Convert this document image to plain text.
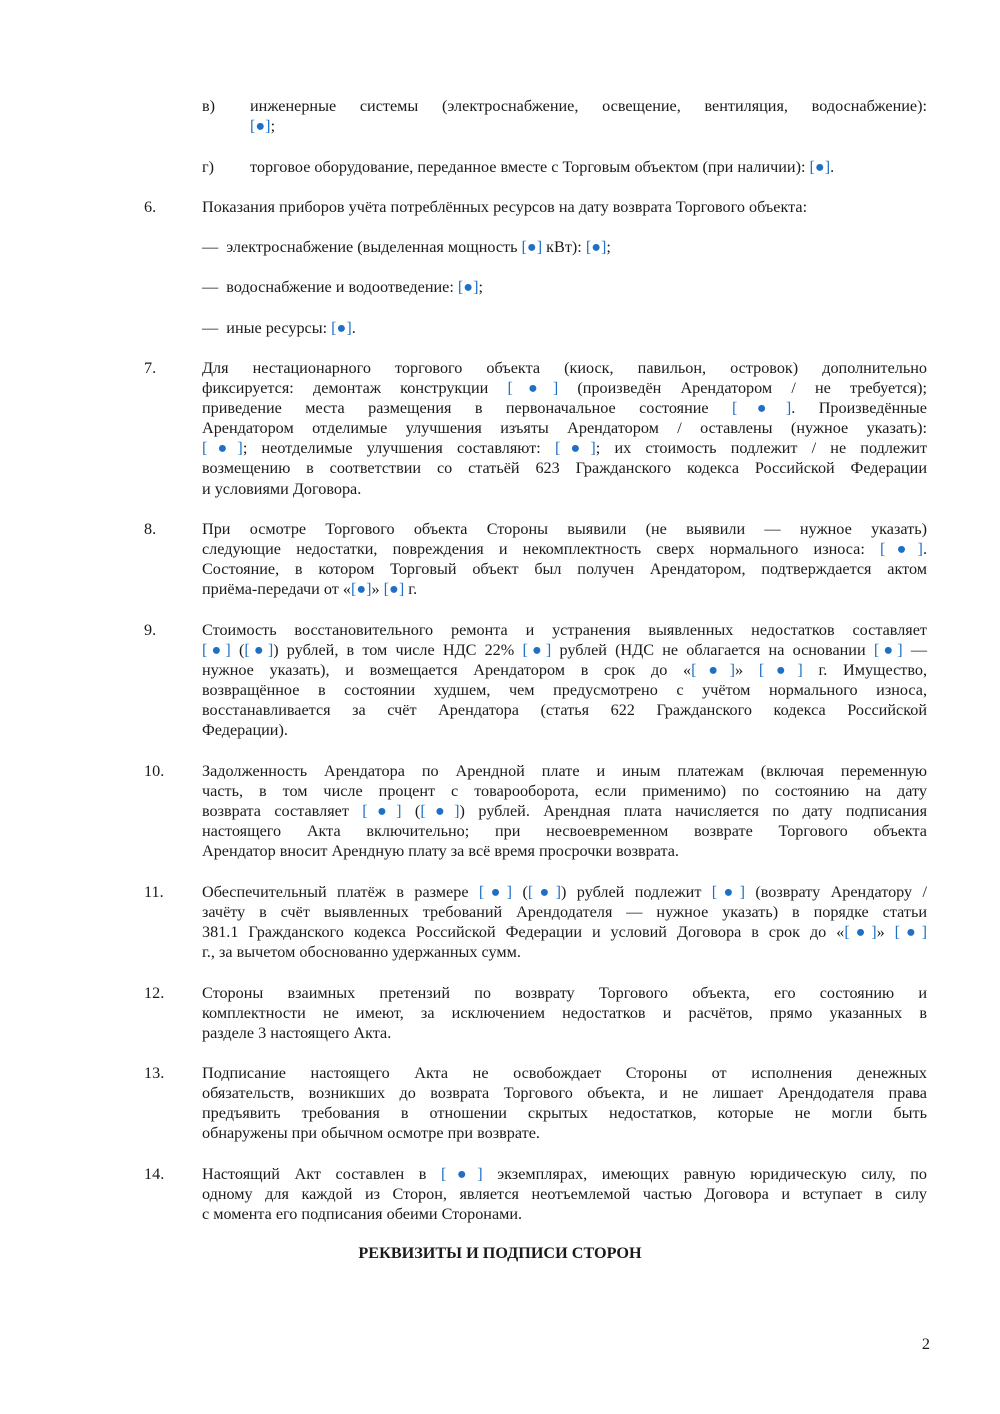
в) инженерные системы (электроснабжение, освещение, вентиляция, водоснабжение):
[●];
г) торговое оборудование, переданное вместе с Торговым объектом (при наличии): [●].
6.	Показания приборов учёта потреблённых ресурсов на дату возврата Торгового объекта:
— электроснабжение (выделенная мощность [●] кВт): [●];
— водоснабжение и водоотведение: [●];
— иные ресурсы: [●].
7.	Для нестационарного торгового объекта (киоск, павильон, островок) дополнительно
фиксируется: демонтаж конструкции [●] (произведён Арендатором / не требуется);
приведение места размещения в первоначальное состояние [●]. Произведённые
Арендатором отделимые улучшения изъяты Арендатором / оставлены (нужное указать):
[●]; неотделимые улучшения составляют: [●]; их стоимость подлежит / не подлежит
возмещению в соответствии со статьёй 623 Гражданского кодекса Российской Федерации
и условиями Договора.
8.	При осмотре Торгового объекта Стороны выявили (не выявили — нужное указать)
следующие недостатки, повреждения и некомплектность сверх нормального износа: [●].
Состояние, в котором Торговый объект был получен Арендатором, подтверждается актом
приёма-передачи от «[●]» [●] г.
9.	Стоимость восстановительного ремонта и устранения выявленных недостатков составляет
[●] ([●]) рублей, в том числе НДС 22% [●] рублей (НДС не облагается на основании [●] —
нужное указать), и возмещается Арендатором в срок до «[●]» [●] г. Имущество,
возвращённое в состоянии худшем, чем предусмотрено с учётом нормального износа,
восстанавливается за счёт Арендатора (статья 622 Гражданского кодекса Российской
Федерации).
10. Задолженность Арендатора по Арендной плате и иным платежам (включая переменную
часть, в том числе процент с товарооборота, если применимо) по состоянию на дату
возврата составляет [●] ([●]) рублей. Арендная плата начисляется по дату подписания
настоящего Акта включительно; при несвоевременном возврате Торгового объекта
Арендатор вносит Арендную плату за всё время просрочки возврата.
11. Обеспечительный платёж в размере [●] ([●]) рублей подлежит [●] (возврату Арендатору /
зачёту в счёт выявленных требований Арендодателя — нужное указать) в порядке статьи
381.1 Гражданского кодекса Российской Федерации и условий Договора в срок до «[●]» [●]
г., за вычетом обоснованно удержанных сумм.
12. Стороны взаимных претензий по возврату Торгового объекта, его состоянию и
комплектности не имеют, за исключением недостатков и расчётов, прямо указанных в
разделе 3 настоящего Акта.
13. Подписание настоящего Акта не освобождает Стороны от исполнения денежных
обязательств, возникших до возврата Торгового объекта, и не лишает Арендодателя права
предъявить требования в отношении скрытых недостатков, которые не могли быть
обнаружены при обычном осмотре при возврате.
14. Настоящий Акт составлен в [●] экземплярах, имеющих равную юридическую силу, по
одному для каждой из Сторон, является неотъемлемой частью Договора и вступает в силу
с момента его подписания обеими Сторонами.
РЕКВИЗИТЫ И ПОДПИСИ СТОРОН
2
